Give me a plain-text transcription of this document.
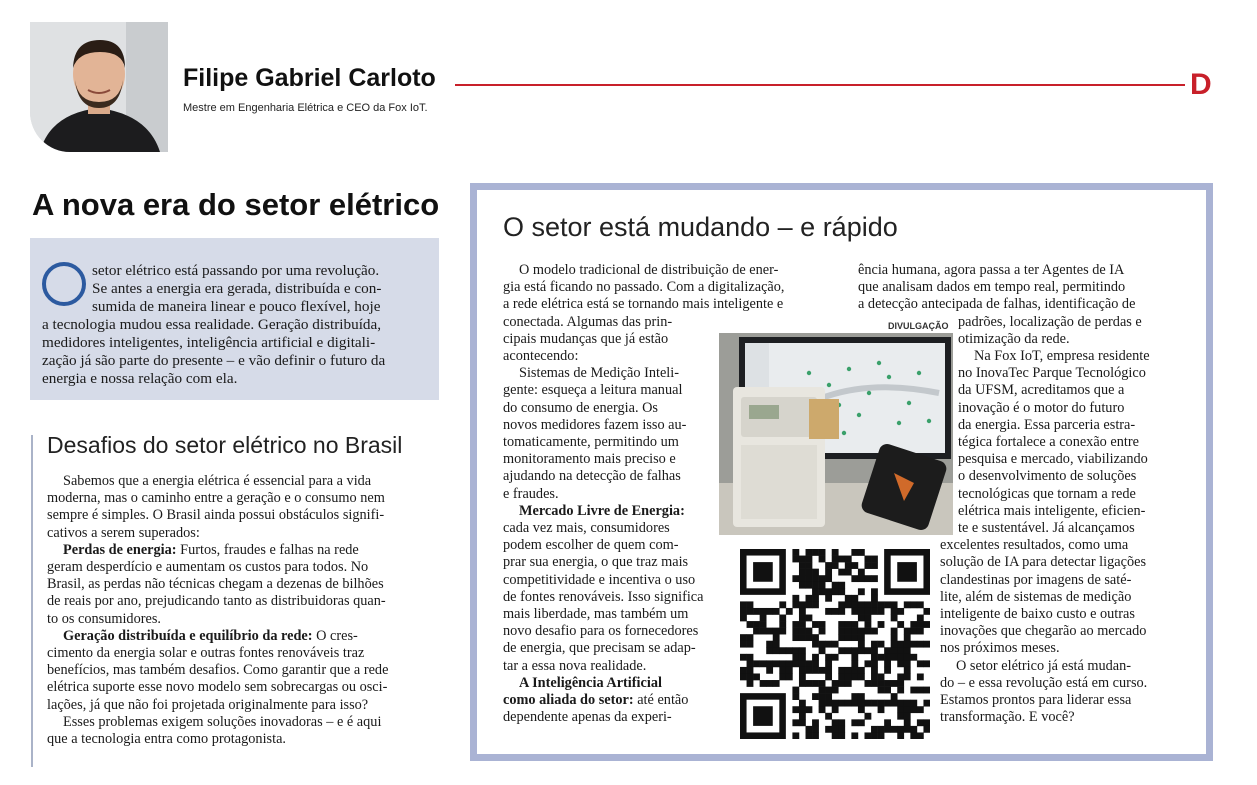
Filipe Gabriel Carloto
Mestre em Engenharia Elétrica e CEO da Fox IoT.
D
A nova era do setor elétrico
setor elétrico está passando por uma revolução.
Se antes a energia era gerada, distribuída e con-
sumida de maneira linear e pouco flexível, hoje
a tecnologia mudou essa realidade. Geração distribuída,
medidores inteligentes, inteligência artificial e digitali-
zação já são parte do presente – e vão definir o futuro da
energia e nossa relação com ela.
Desafios do setor elétrico no Brasil
Sabemos que a energia elétrica é essencial para a vida
moderna, mas o caminho entre a geração e o consumo nem
sempre é simples. O Brasil ainda possui obstáculos signifi-
cativos a serem superados:
Perdas de energia: Furtos, fraudes e falhas na rede
geram desperdício e aumentam os custos para todos. No
Brasil, as perdas não técnicas chegam a dezenas de bilhões
de reais por ano, prejudicando tanto as distribuidoras quan-
to os consumidores.
Geração distribuída e equilíbrio da rede: O cres-
cimento da energia solar e outras fontes renováveis traz
benefícios, mas também desafios. Como garantir que a rede
elétrica suporte esse novo modelo sem sobrecargas ou osci-
lações, já que não foi projetada originalmente para isso?
Esses problemas exigem soluções inovadoras – e é aqui
que a tecnologia entra como protagonista.
O setor está mudando – e rápido
DIVULGAÇÃO
O modelo tradicional de distribuição de ener-
gia está ficando no passado. Com a digitalização,
a rede elétrica está se tornando mais inteligente e
conectada. Algumas das prin-
cipais mudanças que já estão
acontecendo:
Sistemas de Medição Inteli-
gente: esqueça a leitura manual
do consumo de energia. Os
novos medidores fazem isso au-
tomaticamente, permitindo um
monitoramento mais preciso e
ajudando na detecção de falhas
e fraudes.
Mercado Livre de Energia:
cada vez mais, consumidores
podem escolher de quem com-
prar sua energia, o que traz mais
competitividade e incentiva o uso
de fontes renováveis. Isso significa
mais liberdade, mas também um
novo desafio para os fornecedores
de energia, que precisam se adap-
tar a essa nova realidade.
A Inteligência Artificial
como aliada do setor: até então
dependente apenas da experi-
ência humana, agora passa a ter Agentes de IA
que analisam dados em tempo real, permitindo
a detecção antecipada de falhas, identificação de
padrões, localização de perdas e
otimização da rede.
Na Fox IoT, empresa residente
no InovaTec Parque Tecnológico
da UFSM, acreditamos que a
inovação é o motor do futuro
da energia. Essa parceria estra-
tégica fortalece a conexão entre
pesquisa e mercado, viabilizando
o desenvolvimento de soluções
tecnológicas que tornam a rede
elétrica mais inteligente, eficien-
te e sustentável. Já alcançamos
excelentes resultados, como uma
solução de IA para detectar ligações
clandestinas por imagens de saté-
lite, além de sistemas de medição
inteligente de baixo custo e outras
inovações que chegarão ao mercado
nos próximos meses.
O setor elétrico já está mudan-
do – e essa revolução está em curso.
Estamos prontos para liderar essa
transformação. E você?
